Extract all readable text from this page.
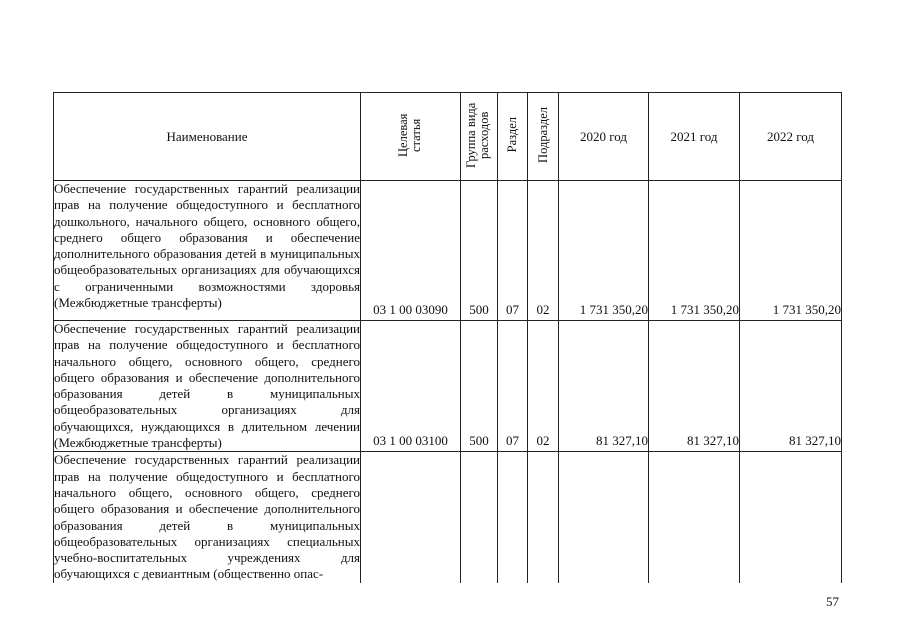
Наименование	Целевая статья	Группа вида расходов	Раздел	Подраздел	2020 год	2021 год	2022 год

Обеспечение государственных гарантий реализации прав на получение общедоступного и бесплатного дошкольного, начального общего, основного общего, среднего общего образования и обеспечение дополнительного образования детей в муниципальных общеобразовательных организациях для обучающихся с ограниченными возможностями здоровья (Межбюджетные трансферты)	03 1 00 03090	500	07	02	1 731 350,20	1 731 350,20	1 731 350,20

Обеспечение государственных гарантий реализации прав на получение общедоступного и бесплатного начального общего, основного общего, среднего общего образования и обеспечение дополнительного образования детей в муниципальных общеобразовательных организациях для обучающихся, нуждающихся в длительном лечении (Межбюджетные трансферты)	03 1 00 03100	500	07	02	81 327,10	81 327,10	81 327,10

Обеспечение государственных гарантий реализации прав на получение общедоступного и бесплатного начального общего, основного общего, среднего общего образования и обеспечение дополнительного образования детей в муниципальных общеобразовательных организациях специальных учебно-воспитательных учреждениях для обучающихся с девиантным (общественно опас-							

57
